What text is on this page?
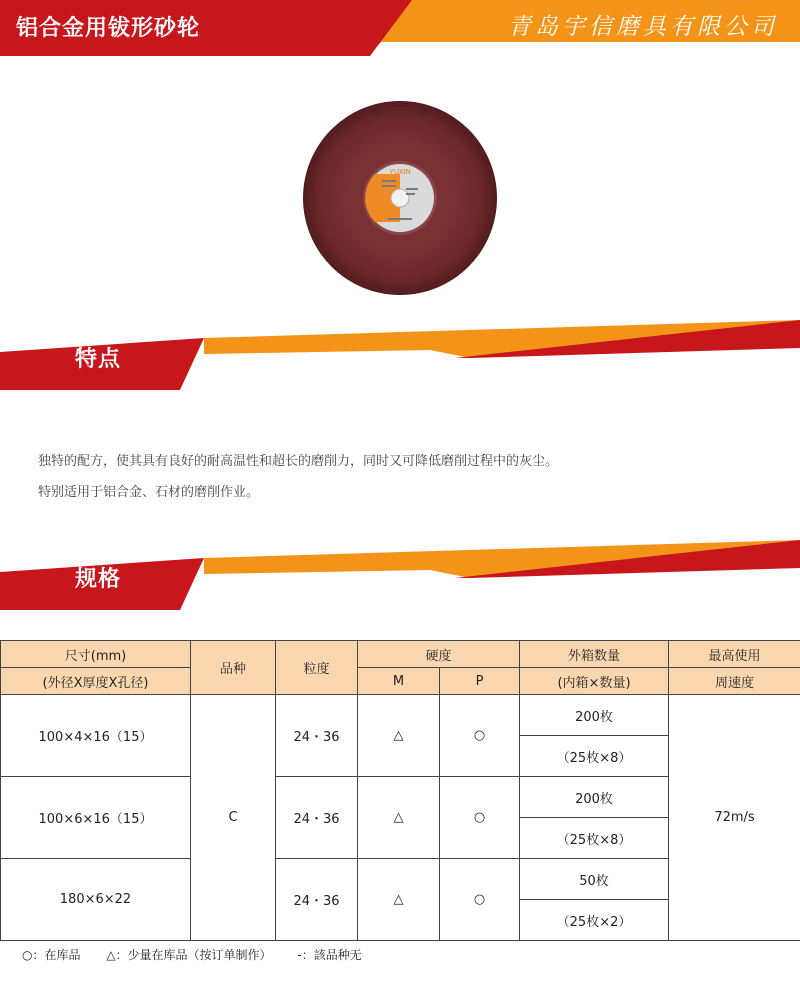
铝合金用钹形砂轮	青岛宇信磨具有限公司
YUXIN
特点
独特的配方，使其具有良好的耐高温性和超长的磨削力，同时又可降低磨削过程中的灰尘。
特别适用于铝合金、石材的磨削作业。
规格
尺寸(mm)	品种	粒度	硬度		外箱数量	最高使用
(外径X厚度X孔径)			M	P	(内箱×数量)	周速度
100×4×16（15）	C	24・36	△	○	200枚	72m/s
					（25枚×8）	
100×6×16（15）		24・36	△	○	200枚	
					（25枚×8）	
180×6×22		24・36	△	○	50枚	
					（25枚×2）	
○：在库品 △：少量在库品（按订单制作） -：該品种无
